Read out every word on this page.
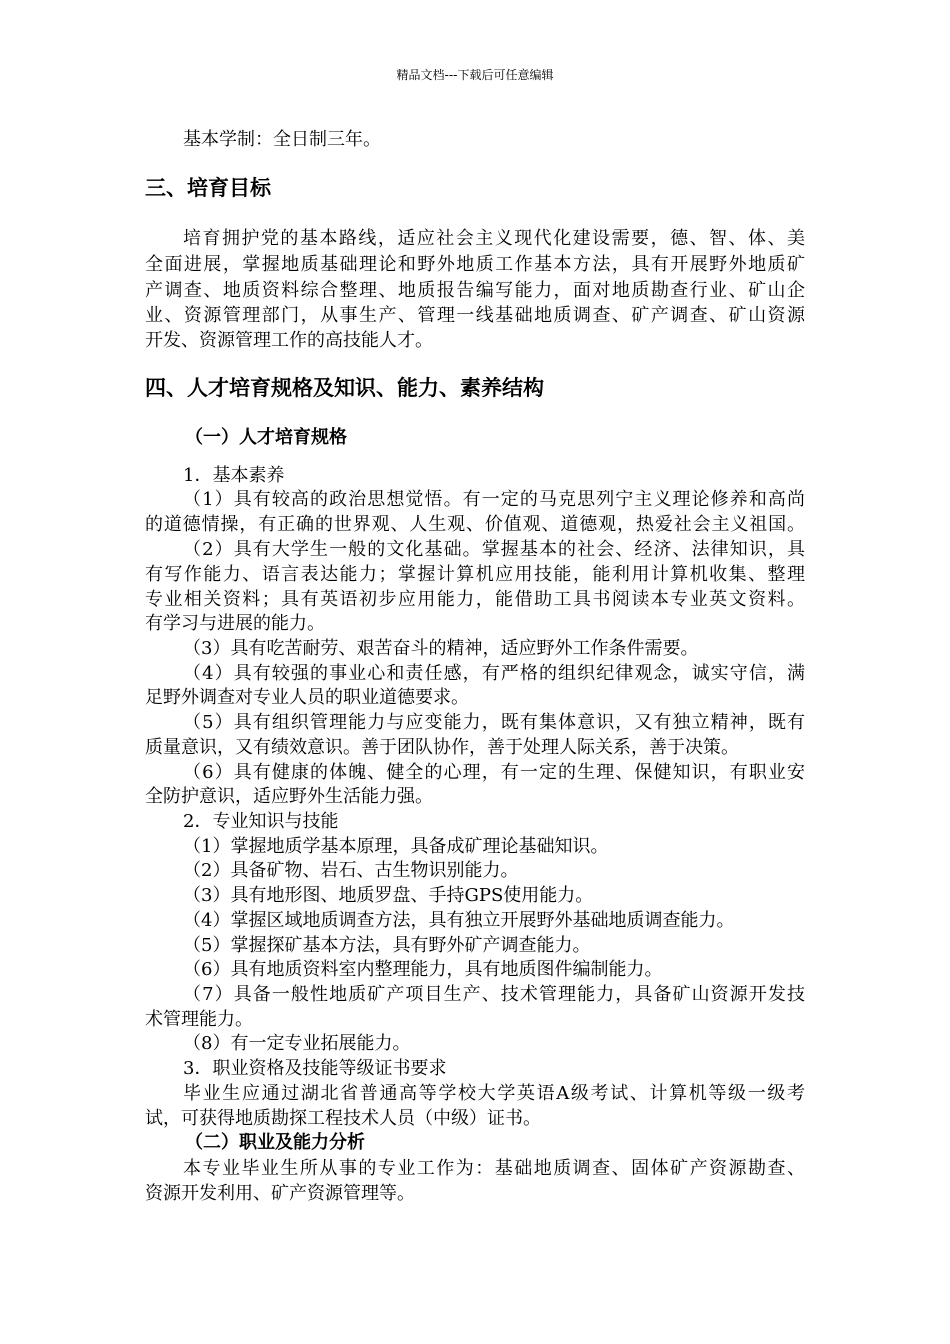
精品文档---下载后可任意编辑
基本学制：全日制三年。
三、培育目标
培育拥护党的基本路线，适应社会主义现代化建设需要，德、智、体、美
全面进展，掌握地质基础理论和野外地质工作基本方法，具有开展野外地质矿
产调查、地质资料综合整理、地质报告编写能力，面对地质勘查行业、矿山企
业、资源管理部门，从事生产、管理一线基础地质调查、矿产调查、矿山资源
开发、资源管理工作的高技能人才。
四、人才培育规格及知识、能力、素养结构
（一）人才培育规格
1．基本素养
（1）具有较高的政治思想觉悟。有一定的马克思列宁主义理论修养和高尚
的道德情操，有正确的世界观、人生观、价值观、道德观，热爱社会主义祖国。
（2）具有大学生一般的文化基础。掌握基本的社会、经济、法律知识，具
有写作能力、语言表达能力；掌握计算机应用技能，能利用计算机收集、整理
专业相关资料；具有英语初步应用能力，能借助工具书阅读本专业英文资料。
有学习与进展的能力。
（3）具有吃苦耐劳、艰苦奋斗的精神，适应野外工作条件需要。
（4）具有较强的事业心和责任感，有严格的组织纪律观念，诚实守信，满
足野外调查对专业人员的职业道德要求。
（5）具有组织管理能力与应变能力，既有集体意识，又有独立精神，既有
质量意识，又有绩效意识。善于团队协作，善于处理人际关系，善于决策。
（6）具有健康的体魄、健全的心理，有一定的生理、保健知识，有职业安
全防护意识，适应野外生活能力强。
2．专业知识与技能
（1）掌握地质学基本原理，具备成矿理论基础知识。
（2）具备矿物、岩石、古生物识别能力。
（3）具有地形图、地质罗盘、手持GPS使用能力。
（4）掌握区域地质调查方法，具有独立开展野外基础地质调查能力。
（5）掌握探矿基本方法，具有野外矿产调查能力。
（6）具有地质资料室内整理能力，具有地质图件编制能力。
（7）具备一般性地质矿产项目生产、技术管理能力，具备矿山资源开发技
术管理能力。
（8）有一定专业拓展能力。
3．职业资格及技能等级证书要求
毕业生应通过湖北省普通高等学校大学英语A级考试、计算机等级一级考
试，可获得地质勘探工程技术人员（中级）证书。
（二）职业及能力分析
本专业毕业生所从事的专业工作为：基础地质调查、固体矿产资源勘查、
资源开发利用、矿产资源管理等。
